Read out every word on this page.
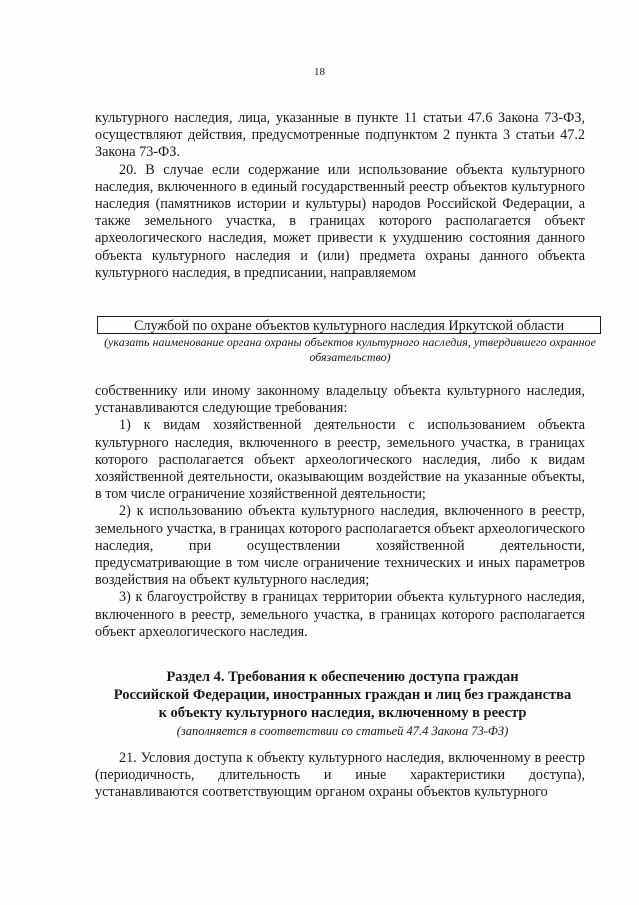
18

культурного наследия, лица, указанные в пункте 11 статьи 47.6 Закона 73-ФЗ, осуществляют действия, предусмотренные подпунктом 2 пункта 3 статьи 47.2 Закона 73-ФЗ.

20. В случае если содержание или использование объекта культурного наследия, включенного в единый государственный реестр объектов культурного наследия (памятников истории и культуры) народов Российской Федерации, а также земельного участка, в границах которого располагается объект археологического наследия, может привести к ухудшению состояния данного объекта культурного наследия и (или) предмета охраны данного объекта культурного наследия, в предписании, направляемом

Службой по охране объектов культурного наследия Иркутской области
(указать наименование органа охраны объектов культурного наследия, утвердившего охранное обязательство)

собственнику или иному законному владельцу объекта культурного наследия, устанавливаются следующие требования:

1) к видам хозяйственной деятельности с использованием объекта культурного наследия, включенного в реестр, земельного участка, в границах которого располагается объект археологического наследия, либо к видам хозяйственной деятельности, оказывающим воздействие на указанные объекты, в том числе ограничение хозяйственной деятельности;

2) к использованию объекта культурного наследия, включенного в реестр, земельного участка, в границах которого располагается объект археологического наследия, при осуществлении хозяйственной деятельности, предусматривающие в том числе ограничение технических и иных параметров воздействия на объект культурного наследия;

3) к благоустройству в границах территории объекта культурного наследия, включенного в реестр, земельного участка, в границах которого располагается объект археологического наследия.

Раздел 4. Требования к обеспечению доступа граждан
Российской Федерации, иностранных граждан и лиц без гражданства
к объекту культурного наследия, включенному в реестр
(заполняется в соответствии со статьей 47.4 Закона 73-ФЗ)

21. Условия доступа к объекту культурного наследия, включенному в реестр (периодичность, длительность и иные характеристики доступа), устанавливаются соответствующим органом охраны объектов культурного
